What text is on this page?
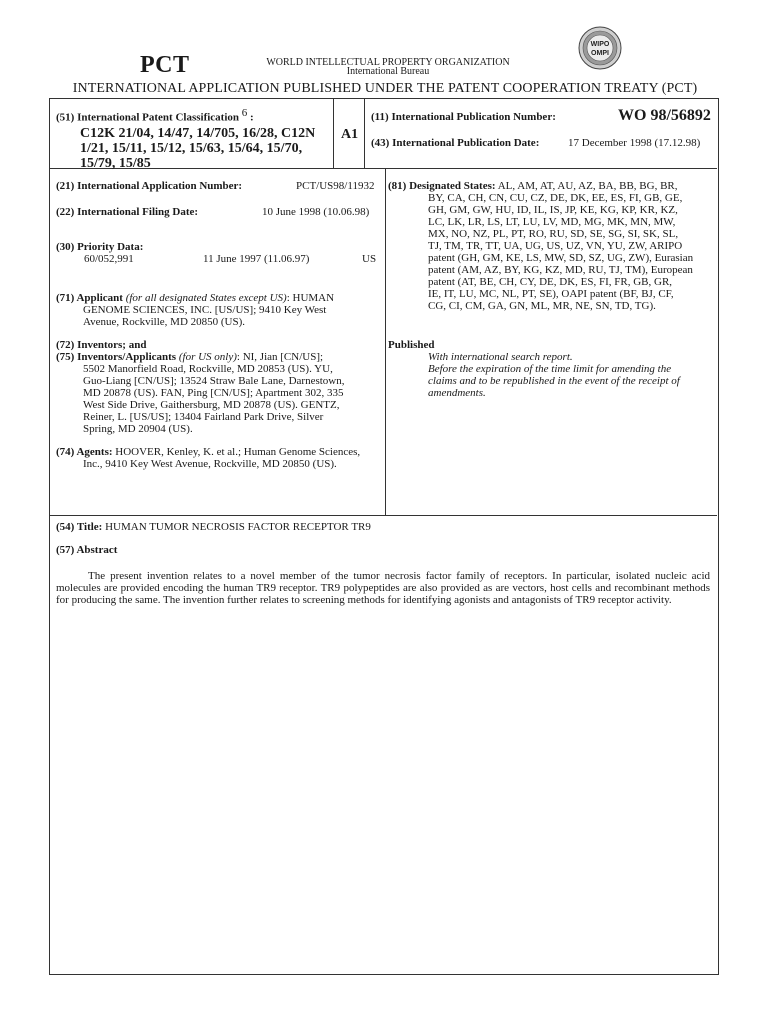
PCT	WORLD INTELLECTUAL PROPERTY ORGANIZATION
International Bureau
WIPO
OMPI
INTERNATIONAL APPLICATION PUBLISHED UNDER THE PATENT COOPERATION TREATY (PCT)
(51) International Patent Classification $^6$ :
C12K 21/04, 14/47, 14/705, 16/28, C12N
1/21, 15/11, 15/12, 15/63, 15/64, 15/70,
15/79, 15/85
A1
(11) International Publication Number:	WO 98/56892
(43) International Publication Date:	17 December 1998 (17.12.98)
(21) International Application Number:	PCT/US98/11932
(22) International Filing Date:	10 June 1998 (10.06.98)
(30) Priority Data:
60/052,991	11 June 1997 (11.06.97)	US
(71) Applicant (for all designated States except US): HUMAN
GENOME SCIENCES, INC. [US/US]; 9410 Key West
Avenue, Rockville, MD 20850 (US).
(72) Inventors; and
(75) Inventors/Applicants (for US only): NI, Jian [CN/US];
5502 Manorfield Road, Rockville, MD 20853 (US). YU,
Guo-Liang [CN/US]; 13524 Straw Bale Lane, Darnestown,
MD 20878 (US). FAN, Ping [CN/US]; Apartment 302, 335
West Side Drive, Gaithersburg, MD 20878 (US). GENTZ,
Reiner, L. [US/US]; 13404 Fairland Park Drive, Silver
Spring, MD 20904 (US).
(74) Agents: HOOVER, Kenley, K. et al.; Human Genome Sciences,
Inc., 9410 Key West Avenue, Rockville, MD 20850 (US).
(81) Designated States: AL, AM, AT, AU, AZ, BA, BB, BG, BR,
BY, CA, CH, CN, CU, CZ, DE, DK, EE, ES, FI, GB, GE,
GH, GM, GW, HU, ID, IL, IS, JP, KE, KG, KP, KR, KZ,
LC, LK, LR, LS, LT, LU, LV, MD, MG, MK, MN, MW,
MX, NO, NZ, PL, PT, RO, RU, SD, SE, SG, SI, SK, SL,
TJ, TM, TR, TT, UA, UG, US, UZ, VN, YU, ZW, ARIPO
patent (GH, GM, KE, LS, MW, SD, SZ, UG, ZW), Eurasian
patent (AM, AZ, BY, KG, KZ, MD, RU, TJ, TM), European
patent (AT, BE, CH, CY, DE, DK, ES, FI, FR, GB, GR,
IE, IT, LU, MC, NL, PT, SE), OAPI patent (BF, BJ, CF,
CG, CI, CM, GA, GN, ML, MR, NE, SN, TD, TG).
Published
With international search report.
Before the expiration of the time limit for amending the
claims and to be republished in the event of the receipt of
amendments.
(54) Title: HUMAN TUMOR NECROSIS FACTOR RECEPTOR TR9
(57) Abstract
The present invention relates to a novel member of the tumor necrosis factor family of receptors. In particular, isolated nucleic acid molecules are provided encoding the human TR9 receptor. TR9 polypeptides are also provided as are vectors, host cells and recombinant methods for producing the same. The invention further relates to screening methods for identifying agonists and antagonists of TR9 receptor activity.
